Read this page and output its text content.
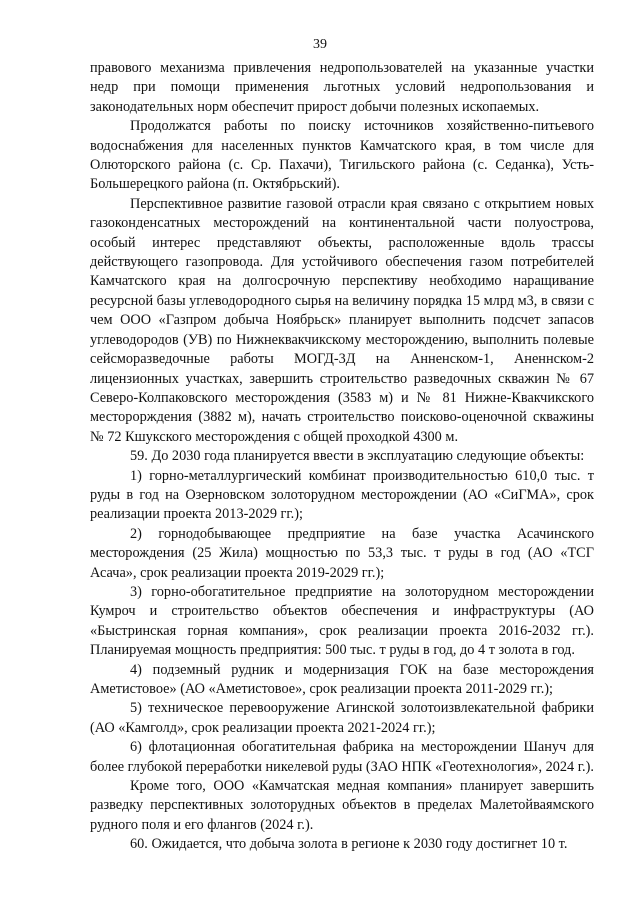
39

правового механизма привлечения недропользователей на указанные участки недр при помощи применения льготных условий недропользования и законодательных норм обеспечит прирост добычи полезных ископаемых.

Продолжатся работы по поиску источников хозяйственно-питьевого водоснабжения для населенных пунктов Камчатского края, в том числе для Олюторского района (с. Ср. Пахачи), Тигильского района (с. Седанка), Усть-Большерецкого района (п. Октябрьский).

Перспективное развитие газовой отрасли края связано с открытием новых газоконденсатных месторождений на континентальной части полуострова, особый интерес представляют объекты, расположенные вдоль трассы действующего газопровода. Для устойчивого обеспечения газом потребителей Камчатского края на долгосрочную перспективу необходимо наращивание ресурсной базы углеводородного сырья на величину порядка 15 млрд м3, в связи с чем ООО «Газпром добыча Ноябрьск» планирует выполнить подсчет запасов углеводородов (УВ) по Нижнеквакчикскому месторождению, выполнить полевые сейсморазведочные работы МОГД-3Д на Анненском-1, Аненнском-2 лицензионных участках, завершить строительство разведочных скважин № 67 Северо-Колпаковского месторождения (3583 м) и № 81 Нижне-Квакчикского месторорждения (3882 м), начать строительство поисково-оценочной скважины № 72 Кшукского месторождения с общей проходкой 4300 м.

59. До 2030 года планируется ввести в эксплуатацию следующие объекты:

1) горно-металлургический комбинат производительностью 610,0 тыс. т руды в год на Озерновском золоторудном месторождении (АО «СиГМА», срок реализации проекта 2013-2029 гг.);

2) горнодобывающее предприятие на базе участка Асачинского месторождения (25 Жила) мощностью по 53,3 тыс. т руды в год (АО «ТСГ Асача», срок реализации проекта 2019-2029 гг.);

3) горно-обогатительное предприятие на золоторудном месторождении Кумроч и строительство объектов обеспечения и инфраструктуры (АО «Быстринская горная компания», срок реализации проекта 2016-2032 гг.). Планируемая мощность предприятия: 500 тыс. т руды в год, до 4 т золота в год.

4) подземный рудник и модернизация ГОК на базе месторождения Аметистовое» (АО «Аметистовое», срок реализации проекта 2011-2029 гг.);

5) техническое перевооружение Агинской золотоизвлекательной фабрики (АО «Камголд», срок реализации проекта 2021-2024 гг.);

6) флотационная обогатительная фабрика на месторождении Шануч для более глубокой переработки никелевой руды (ЗАО НПК «Геотехнология», 2024 г.).

Кроме того, ООО «Камчатская медная компания» планирует завершить разведку перспективных золоторудных объектов в пределах Малетойваямского рудного поля и его флангов (2024 г.).

60. Ожидается, что добыча золота в регионе к 2030 году достигнет 10 т.
